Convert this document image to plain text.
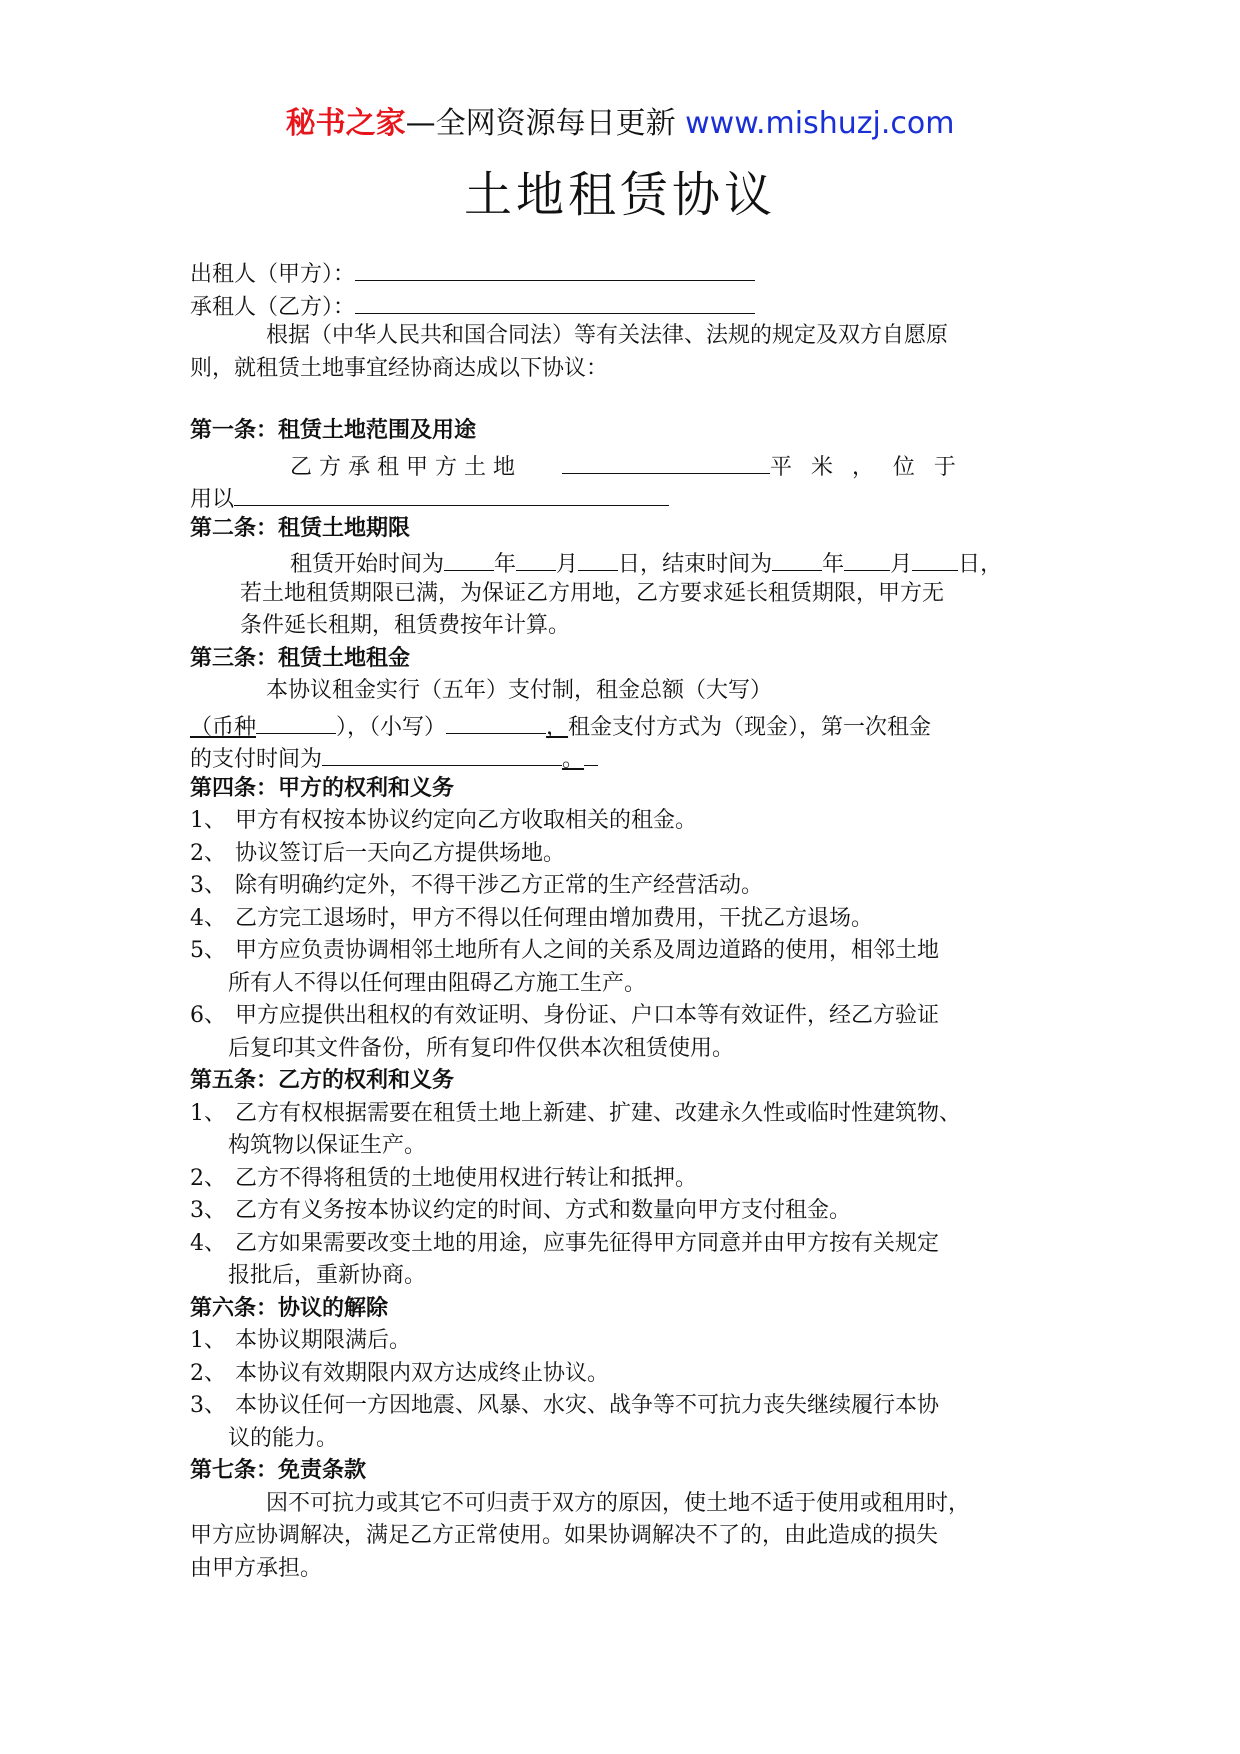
秘书之家—全网资源每日更新 www.mishuzj.com
土地租赁协议
出租人（甲方）：
承租人（乙方）：
根据（中华人民共和国合同法）等有关法律、法规的规定及双方自愿原
则，就租赁土地事宜经协商达成以下协议：
第一条：租赁土地范围及用途
乙 方 承 租 甲 方 土 地	平 米 ， 位 于
用以
第二条：租赁土地期限
租赁开始时间为 年 月 日，结束时间为 年 月 日，
若土地租赁期限已满，为保证乙方用地，乙方要求延长租赁期限，甲方无
条件延长租期，租赁费按年计算。
第三条：租赁土地租金
本协议租金实行（五年）支付制，租金总额（大写）
（币种	），（小写）	，租金支付方式为（现金），第一次租金
的支付时间为	。
第四条：甲方的权利和义务
1、 甲方有权按本协议约定向乙方收取相关的租金。
2、 协议签订后一天向乙方提供场地。
3、 除有明确约定外，不得干涉乙方正常的生产经营活动。
4、 乙方完工退场时，甲方不得以任何理由增加费用，干扰乙方退场。
5、 甲方应负责协调相邻土地所有人之间的关系及周边道路的使用，相邻土地
所有人不得以任何理由阻碍乙方施工生产。
6、 甲方应提供出租权的有效证明、身份证、户口本等有效证件，经乙方验证
后复印其文件备份，所有复印件仅供本次租赁使用。
第五条：乙方的权利和义务
1、 乙方有权根据需要在租赁土地上新建、扩建、改建永久性或临时性建筑物、
构筑物以保证生产。
2、 乙方不得将租赁的土地使用权进行转让和抵押。
3、 乙方有义务按本协议约定的时间、方式和数量向甲方支付租金。
4、 乙方如果需要改变土地的用途，应事先征得甲方同意并由甲方按有关规定
报批后，重新协商。
第六条：协议的解除
1、 本协议期限满后。
2、 本协议有效期限内双方达成终止协议。
3、 本协议任何一方因地震、风暴、水灾、战争等不可抗力丧失继续履行本协
议的能力。
第七条：免责条款
因不可抗力或其它不可归责于双方的原因，使土地不适于使用或租用时，
甲方应协调解决，满足乙方正常使用。如果协调解决不了的，由此造成的损失
由甲方承担。
